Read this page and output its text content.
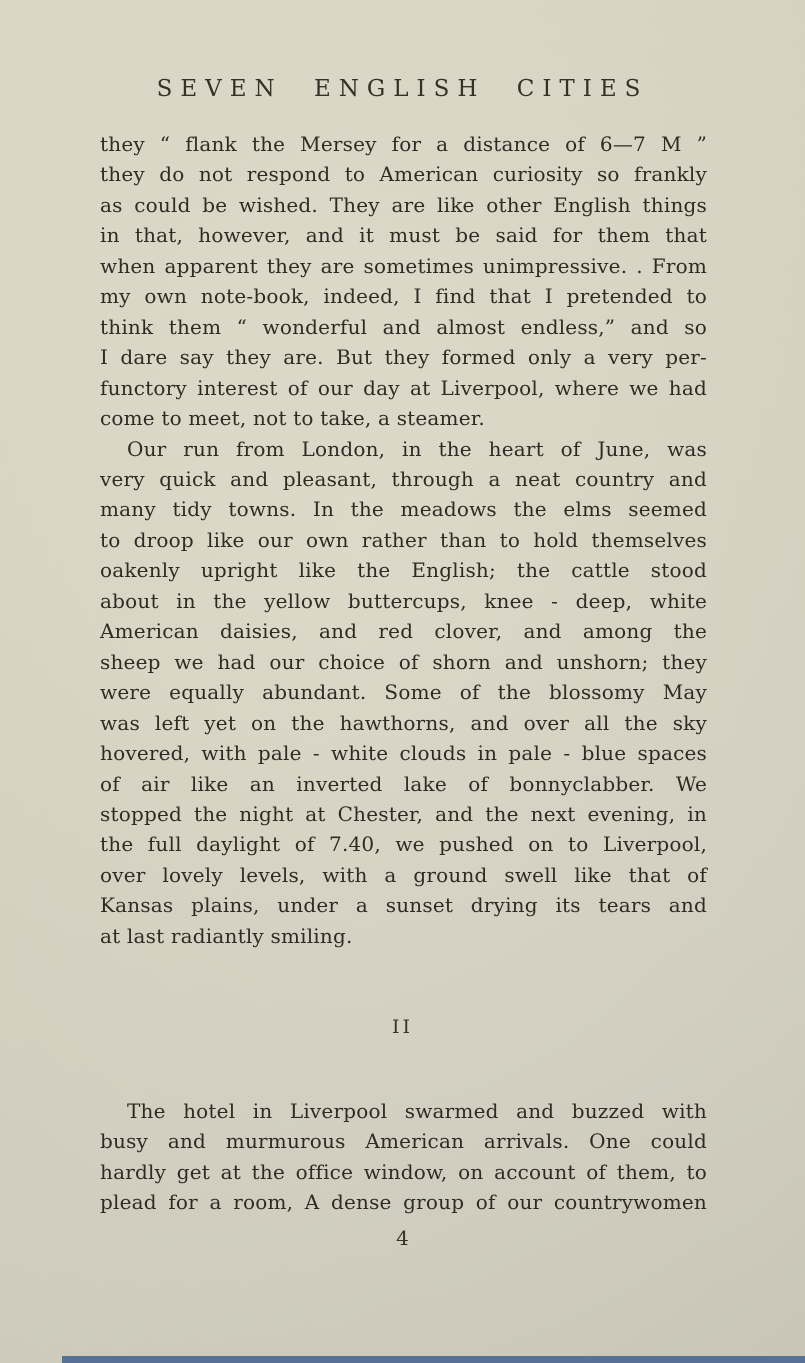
SEVEN ENGLISH CITIES
they “ flank the Mersey for a distance of 6—7 M ”
they do not respond to American curiosity so frankly
as could be wished. They are like other English things
in that, however, and it must be said for them that
when apparent they are sometimes unimpressive. . From
my own note-book, indeed, I find that I pretended to
think them “ wonderful and almost endless,” and so
I dare say they are. But they formed only a very per-
functory interest of our day at Liverpool, where we had
come to meet, not to take, a steamer.
Our run from London, in the heart of June, was
very quick and pleasant, through a neat country and
many tidy towns. In the meadows the elms seemed
to droop like our own rather than to hold themselves
oakenly upright like the English; the cattle stood
about in the yellow buttercups, knee - deep, white
American daisies, and red clover, and among the
sheep we had our choice of shorn and unshorn; they
were equally abundant. Some of the blossomy May
was left yet on the hawthorns, and over all the sky
hovered, with pale - white clouds in pale - blue spaces
of air like an inverted lake of bonnyclabber. We
stopped the night at Chester, and the next evening, in
the full daylight of 7.40, we pushed on to Liverpool,
over lovely levels, with a ground swell like that of
Kansas plains, under a sunset drying its tears and
at last radiantly smiling.
II
The hotel in Liverpool swarmed and buzzed with
busy and murmurous American arrivals. One could
hardly get at the office window, on account of them, to
plead for a room, A dense group of our countrywomen
4
